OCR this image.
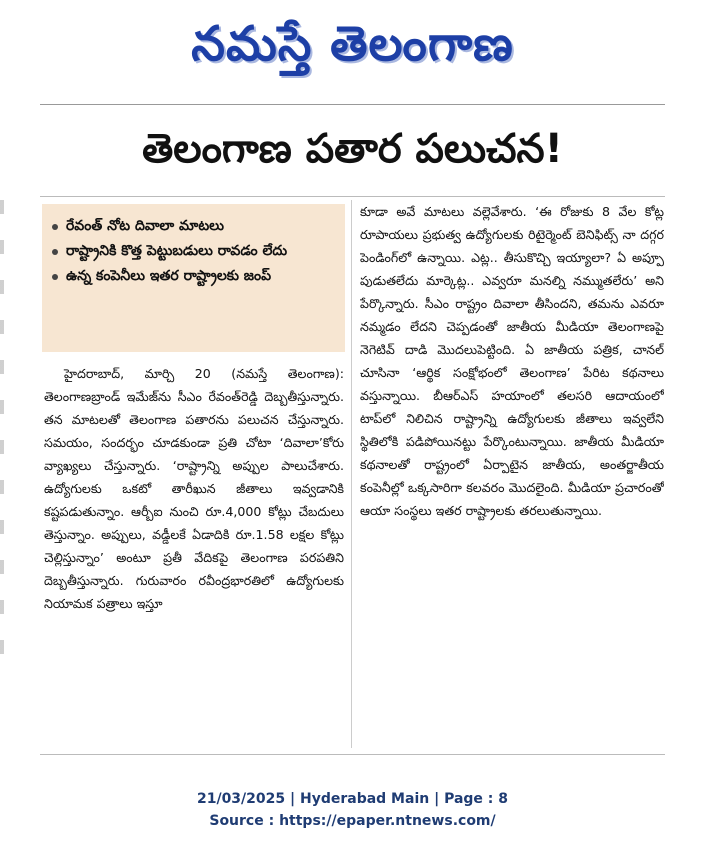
నమస్తే తెలంగాణ
తెలంగాణ పతార పలుచన!
రేవంత్ నోట దివాలా మాటలు
రాష్ట్రానికి కొత్త పెట్టుబడులు రావడం లేదు
ఉన్న కంపెనీలు ఇతర రాష్ట్రాలకు జంప్

హైదరాబాద్, మార్చి 20 (నమస్తే తెలంగాణ): తెలంగాణబ్రాండ్ ఇమేజ్‌ను సీఎం రేవంత్‌రెడ్డి దెబ్బతీస్తున్నారు. తన మాటలతో తెలంగాణ పతారను పలుచన చేస్తున్నారు. సమయం, సందర్భం చూడకుండా ప్రతి చోటా ‘దివాలా’కోరు వ్యాఖ్యలు చేస్తున్నారు. ‘రాష్ట్రాన్ని అప్పుల పాలుచేశారు. ఉద్యోగులకు ఒకటో తారీఖున జీతాలు ఇవ్వడానికి కష్టపడుతున్నాం. ఆర్బీఐ నుంచి రూ.4,000 కోట్లు చేబదులు తెస్తున్నాం. అప్పులు, వడ్డీలకే ఏడాదికి రూ.1.58 లక్షల కోట్లు చెల్లిస్తున్నాం’ అంటూ ప్రతీ వేదికపై తెలంగాణ పరపతిని దెబ్బతీస్తున్నారు. గురువారం రవీంద్రభారతిలో ఉద్యోగులకు నియామక పత్రాలు ఇస్తూ

కూడా అవే మాటలు వల్లెవేశారు. ‘ఈ రోజుకు 8 వేల కోట్ల రూపాయలు ప్రభుత్వ ఉద్యోగులకు రిటైర్మెంట్ బెనిఫిట్స్ నా దగ్గర పెండింగ్‌లో ఉన్నాయి. ఎట్ల.. తీసుకొచ్చి ఇయ్యాలా? ఏ అప్పూ పుడుతలేదు మార్కెట్ల.. ఎవ్వరూ మనల్ని నమ్ముతలేరు’ అని పేర్కొన్నారు. సీఎం రాష్ట్రం దివాలా తీసిందని, తమను ఎవరూ నమ్మడం లేదని చెప్పడంతో జాతీయ మీడియా తెలంగాణపై నెగెటివ్ దాడి మొదలుపెట్టింది. ఏ జాతీయ పత్రిక, చానల్ చూసినా ‘ఆర్థిక సంక్షోభంలో తెలంగాణ’ పేరిట కథనాలు వస్తున్నాయి. బీఆర్‌ఎస్ హయాంలో తలసరి ఆదాయంలో టాప్‌లో నిలిచిన రాష్ట్రాన్ని ఉద్యోగులకు జీతాలు ఇవ్వలేని స్థితిలోకి పడిపోయినట్టు పేర్కొంటున్నాయి. జాతీయ మీడియా కథనాలతో రాష్ట్రంలో ఏర్పాటైన జాతీయ, అంతర్జాతీయ కంపెనీల్లో ఒక్కసారిగా కలవరం మొదలైంది. మీడియా ప్రచారంతో ఆయా సంస్థలు ఇతర రాష్ట్రాలకు తరలుతున్నాయి.

21/03/2025 | Hyderabad Main | Page : 8
Source : https://epaper.ntnews.com/
